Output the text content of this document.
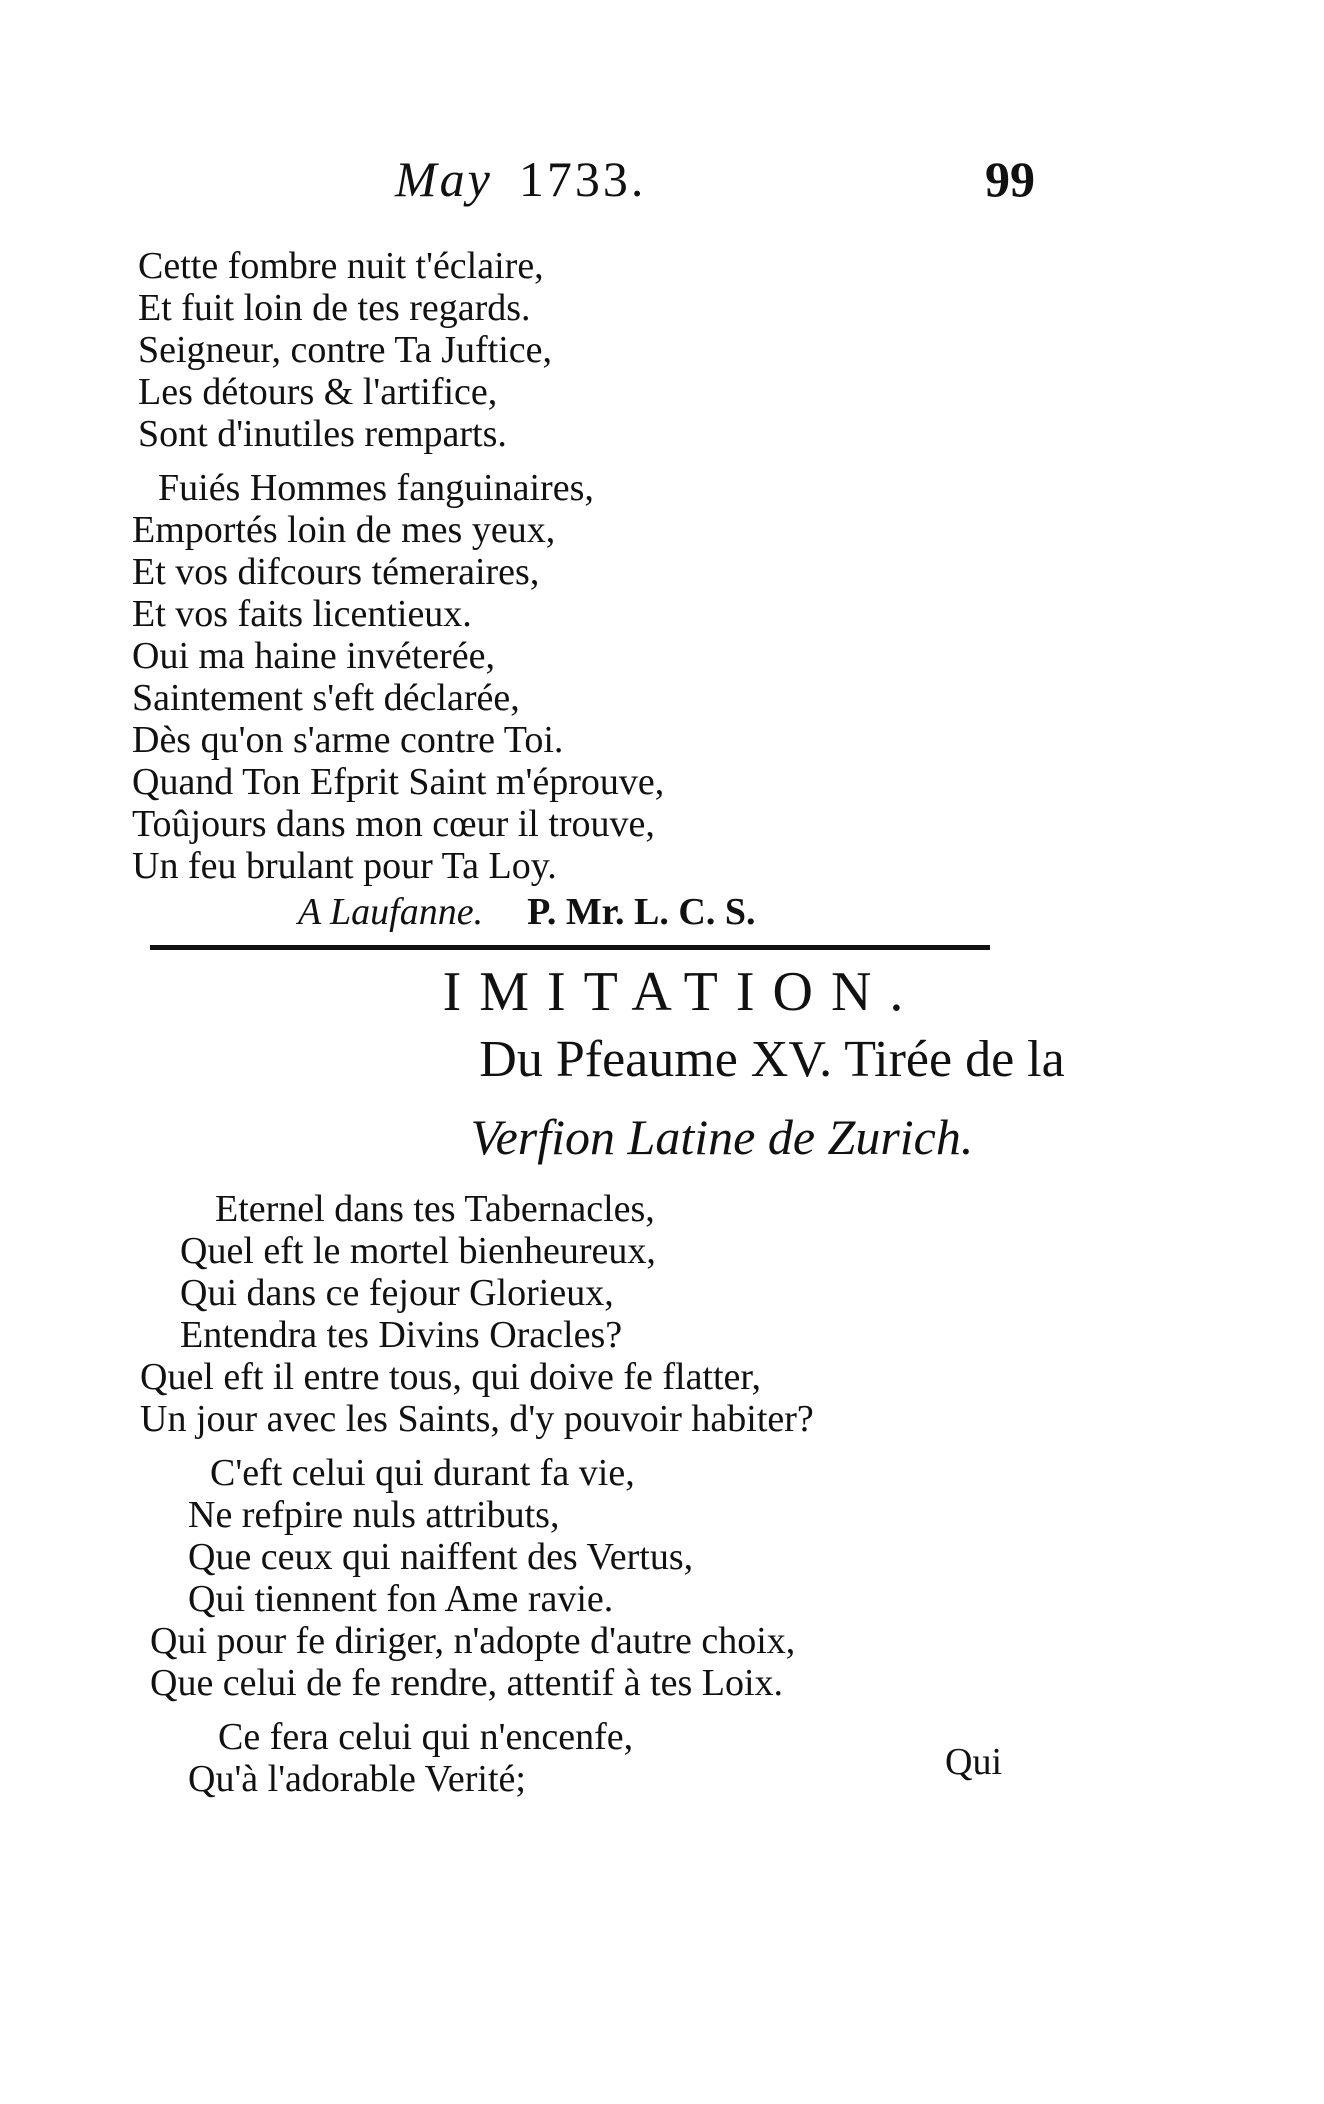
May 1733.	99
Cette fombre nuit t'éclaire,
Et fuit loin de tes regards.
Seigneur, contre Ta Juftice,
Les détours & l'artifice,
Sont d'inutiles remparts.
Fuiés Hommes fanguinaires,
Emportés loin de mes yeux,
Et vos difcours témeraires,
Et vos faits licentieux.
Oui ma haine invéterée,
Saintement s'eft déclarée,
Dès qu'on s'arme contre Toi.
Quand Ton Efprit Saint m'éprouve,
Toûjours dans mon cœur il trouve,
Un feu brulant pour Ta Loy.
A Laufanne. P. Mr. L. C. S.
IMITATION.
Du Pfeaume XV. Tirée de la
Verfion Latine de Zurich.
Eternel dans tes Tabernacles,
Quel eft le mortel bienheureux,
Qui dans ce fejour Glorieux,
Entendra tes Divins Oracles?
Quel eft il entre tous, qui doive fe flatter,
Un jour avec les Saints, d'y pouvoir habiter?
C'eft celui qui durant fa vie,
Ne refpire nuls attributs,
Que ceux qui naiffent des Vertus,
Qui tiennent fon Ame ravie.
Qui pour fe diriger, n'adopte d'autre choix,
Que celui de fe rendre, attentif à tes Loix.
Ce fera celui qui n'encenfe,
Qu'à l'adorable Verité;	Qui
